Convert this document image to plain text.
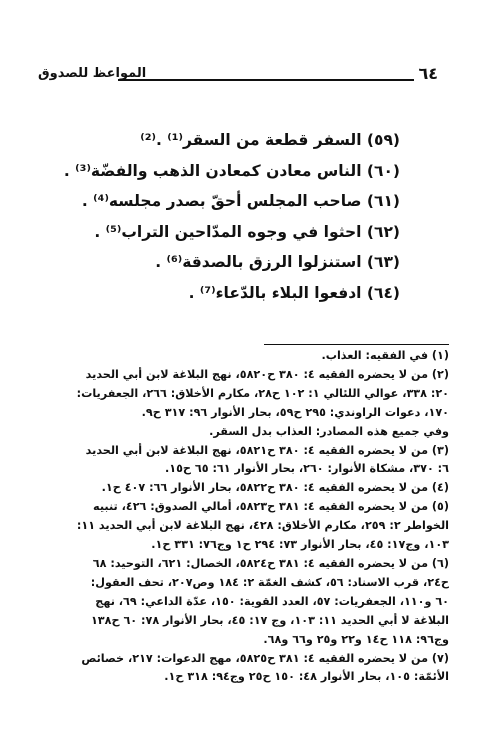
٦٤
المواعظ للصدوق
(٥٩) السفر قطعة من السقر⁽¹⁾ .⁽²⁾
(٦٠) الناس معادن كمعادن الذهب والفضّة⁽³⁾ .
(٦١) صاحب المجلس أحقّ بصدر مجلسه⁽⁴⁾ .
(٦٢) احثوا في وجوه المدّاحين التراب⁽⁵⁾ .
(٦٣) استنزلوا الرزق بالصدقة⁽⁶⁾ .
(٦٤) ادفعوا البلاء بالدّعاء⁽⁷⁾ .
(١) في الفقيه: العذاب.
(٢) من لا يحضره الفقيه ٤: ٣٨٠ ح٥٨٢٠، نهج البلاغة لابن أبي الحديد
٢٠: ٣٣٨، عوالي اللئالي ١: ١٠٢ ح٢٨، مكارم الأخلاق: ٢٦٦، الجعفريات:
١٧٠، دعوات الراوندي: ٢٩٥ ح٥٩، بحار الأنوار ٩٦: ٣١٧ ح٩.
وفي جميع هذه المصادر: العذاب بدل السقر.
(٣) من لا يحضره الفقيه ٤: ٣٨٠ ح٥٨٢١، نهج البلاغة لابن أبي الحديد
٦: ٣٧٠، مشكاة الأنوار: ٢٦٠، بحار الأنوار ٦١: ٦٥ ح١٥.
(٤) من لا يحضره الفقيه ٤: ٣٨٠ ح٥٨٢٢، بحار الأنوار ٦٦: ٤٠٧ ح١.
(٥) من لا يحضره الفقيه ٤: ٣٨١ ح٥٨٢٣، أمالي الصدوق: ٤٢٦، تنبيه
الخواطر ٢: ٢٥٩، مكارم الأخلاق: ٤٢٨، نهج البلاغة لابن أبي الحديد ١١:
١٠٣، وج١٧: ٤٥، بحار الأنوار ٧٣: ٢٩٤ ح١ وج٧٦: ٣٣١ ح١.
(٦) من لا يحضره الفقيه ٤: ٣٨١ ح٥٨٢٤، الخصال: ٦٢١، التوحيد: ٦٨
ح٢٤، قرب الاسناد: ٥٦، كشف الغمّة ٢: ١٨٤ وص٢٠٧، تحف العقول:
٦٠ و١١٠، الجعفريات: ٥٧، العدد القوية: ١٥٠، عدّة الداعي: ٦٩، نهج
البلاغة لا أبي الحديد ١١: ١٠٣، وج ١٧: ٤٥، بحار الأنوار ٧٨: ٦٠ ح١٣٨
وج٩٦: ١١٨ ح١٤ و٢٢ و٢٥ و٦٦ و٦٨.
(٧) من لا يحضره الفقيه ٤: ٣٨١ ح٥٨٢٥، مهج الدعوات: ٢١٧، خصائص
الأئمّة: ١٠٥، بحار الأنوار ٤٨: ١٥٠ ح٢٥ وج٩٤: ٣١٨ ح١.
